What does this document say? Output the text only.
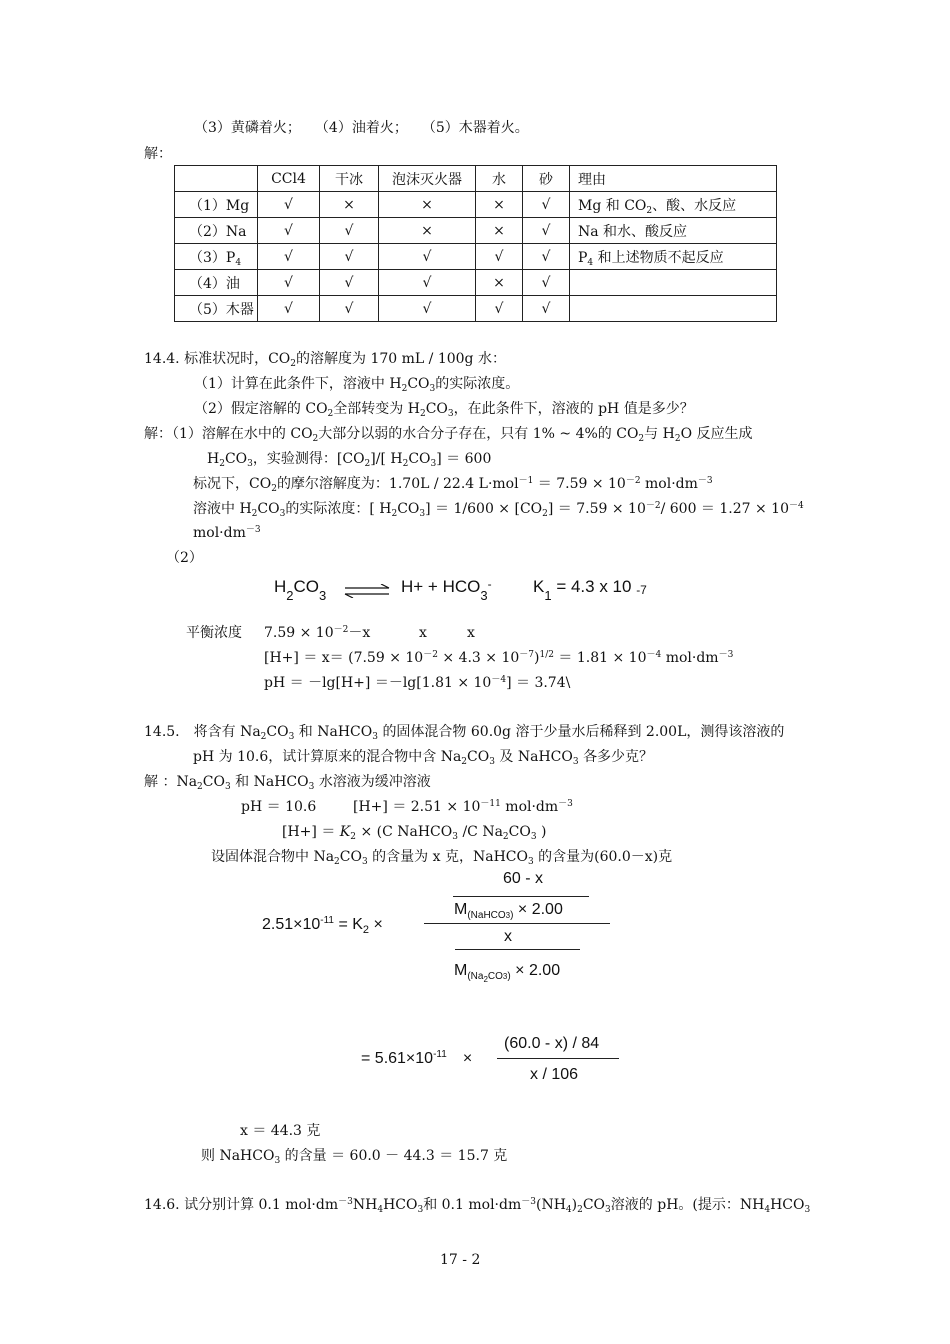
（3）黄磷着火；　　（4）油着火；　　（5）木器着火。
解：
	CCl4	干冰	泡沫灭火器	水	砂	理由
（1）Mg	√	×	×	×	√	Mg 和 $CO_2$、酸、水反应
（2）Na	√	√	×	×	√	Na 和水、酸反应
$(3)P_4$	√	√	√	√	√	$P_4$ 和上述物质不起反应
（4）油	√	√	√	×	√	
（5）木器	√	√	√	√	√	
14.4. 标准状况时，$CO_2$的溶解度为 170 mL / 100g 水：
（1）计算在此条件下，溶液中 $H_2CO_3$的实际浓度。
（2）假定溶解的 $CO_2$全部转变为 $H_2CO_3$，在此条件下，溶液的 pH 值是多少？
解：（1）溶解在水中的 $CO_2$大部分以弱的水合分子存在，只有 1% ~ 4%的 $CO_2$与 $H_2O$ 反应生成
$H_2CO_3$，实验测得：$[CO_2]/$[ $H_2CO_3] = 600$
标况下，$CO_2$的摩尔溶解度为：1.70L / 22.4 $L\cdot mol^{-1} = 7.59 \times 10^{-2}$ $mol\cdot dm^{-3}$
溶液中 $H_2CO_3$的实际浓度：[ $H_2CO_3] = 1/600 \times [CO_2] = 7.59 \times 10^{-2}/$ $600 = 1.27 \times 10^{-4}$
$mol\cdot dm^{-3}$
（2）
$H_2CO_3$ ⇌ $H+ + HCO_3^-$ $K_1 = 4.3$ x 10 -7
平衡浓度 $7.59 \times 10^{-2}-x$	x	x
$[H+] = x= (7.59 \times 10^{-2} \times 4.3 \times 10^{-7})^{1/2} = 1.81 \times 10^{-4}$ $mol\cdot dm^{-3}$
pH ＝ $-\lg[H+] =-\lg[1.81 \times 10^{-4}]$ ＝ 3.74\
14.5.　 将含有 $Na_2CO_3$ 和 NaHCO$_3$ 的固体混合物 60.0g 溶于少量水后稀释到 2.00L，测得该溶液的
pH 为 10.6，试计算原来的混合物中含 $Na_2CO_3$ 及 NaHCO$_3$ 各多少克？
解 ：$Na_2CO_3$ 和 NaHCO$_3$ 水溶液为缓冲溶液
pH ＝ 10.6	$[H+] = 2.51 \times 10^{-11}$ $mol\cdot dm^{-3}$
$[H+] = K_2 \times (C$ NaHCO$_3$ /C $Na_2CO_3$ )
设固体混合物中 $Na_2CO_3$ 的含量为 x 克，NaHCO$_3$ 的含量为(60.0－x)克
60 - x
$M_{(NaHCO3)} \times 2.00$
$2.51\times 10^{-11} = K_2$ ×
x
$M_{(Na_2CO3)} \times 2.00$
(60.0 - x) / 84
= $5.61\times 10^{-11}$　 ×
x / 106
x ＝ 44.3 克
则 NaHCO$_3$ 的含量 ＝ 60.0 － 44.3 ＝ 15.7 克
14.6. 试分别计算 0.1 $mol\cdot dm^{-3}NH_4HCO_3$和 0.1 $mol\cdot dm^{-3}(NH_4)_2CO_3$溶液的 pH。(提示：$NH_4HCO_3$
17 - 2
